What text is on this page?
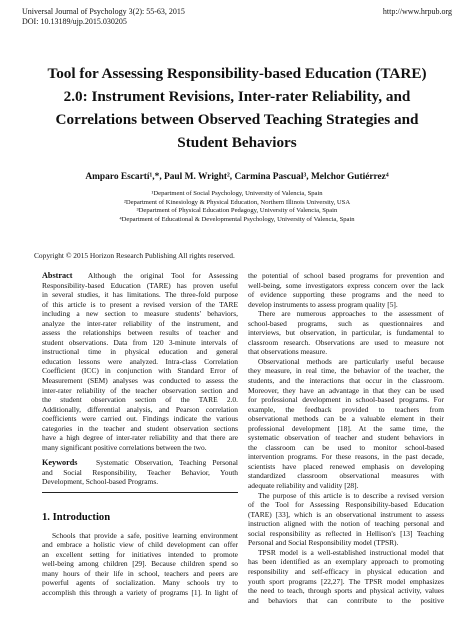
Universal Journal of Psychology 3(2): 55-63, 2015
DOI: 10.13189/ujp.2015.030205
http://www.hrpub.org
Tool for Assessing Responsibility-based Education (TARE)
2.0: Instrument Revisions, Inter-rater Reliability, and
Correlations between Observed Teaching Strategies and
Student Behaviors
Amparo Escartí¹,*, Paul M. Wright², Carmina Pascual³, Melchor Gutiérrez⁴
¹Department of Social Psychology, University of Valencia, Spain
²Department of Kinesiology & Physical Education, Northern Illinois University, USA
³Department of Physical Education Pedagogy, University of Valencia, Spain
⁴Department of Educational & Developmental Psychology, University of Valencia, Spain
Copyright © 2015 Horizon Research Publishing All rights reserved.
Abstract Although the original Tool for Assessing
Responsibility-based Education (TARE) has proven useful
in several studies, it has limitations. The three-fold purpose
of this article is to present a revised version of the TARE
including a new section to measure students' behaviors,
analyze the inter-rater reliability of the instrument, and
assess the relationships between results of teacher and
student observations. Data from 120 3-minute intervals of
instructional time in physical education and general
education lessons were analyzed. Intra-class Correlation
Coefficient (ICC) in conjunction with Standard Error of
Measurement (SEM) analyses was conducted to assess the
inter-rater reliability of the teacher observation section and
the student observation section of the TARE 2.0.
Additionally, differential analysis, and Pearson correlation
coefficients were carried out. Findings indicate the various
categories in the teacher and student observation sections
have a high degree of inter-rater reliability and that there are
many significant positive correlations between the two.
Keywords Systematic Observation, Teaching Personal
and Social Responsibility, Teacher Behavior, Youth
Development, School-based Programs.
1. Introduction
Schools that provide a safe, positive learning environment
and embrace a holistic view of child development can offer
an excellent setting for initiatives intended to promote
well-being among children [29]. Because children spend so
many hours of their life in school, teachers and peers are
powerful agents of socialization. Many schools try to
accomplish this through a variety of programs [1]. In light of
the potential of school based programs for prevention and
well-being, some investigators express concern over the lack
of evidence supporting these programs and the need to
develop instruments to assess program quality [5].
There are numerous approaches to the assessment of
school-based programs, such as questionnaires and
interviews, but observation, in particular, is fundamental to
classroom research. Observations are used to measure not
that observations measure.
Observational methods are particularly useful because
they measure, in real time, the behavior of the teacher, the
students, and the interactions that occur in the classroom.
Moreover, they have an advantage in that they can be used
for professional development in school-based programs. For
example, the feedback provided to teachers from
observational methods can be a valuable element in their
professional development [18]. At the same time, the
systematic observation of teacher and student behaviors in
the classroom can be used to monitor school-based
intervention programs. For these reasons, in the past decade,
scientists have placed renewed emphasis on developing
standardized classroom observational measures with
adequate reliability and validity [28].
The purpose of this article is to describe a revised version
of the Tool for Assessing Responsibility-based Education
(TARE) [33], which is an observational instrument to assess
instruction aligned with the notion of teaching personal and
social responsibility as reflected in Hellison's [13] Teaching
Personal and Social Responsibility model (TPSR).
TPSR model is a well-established instructional model that
has been identified as an exemplary approach to promoting
responsibility and self-efficacy in physical education and
youth sport programs [22,27]. The TPSR model emphasizes
the need to teach, through sports and physical activity, values
and behaviors that can contribute to the positive
